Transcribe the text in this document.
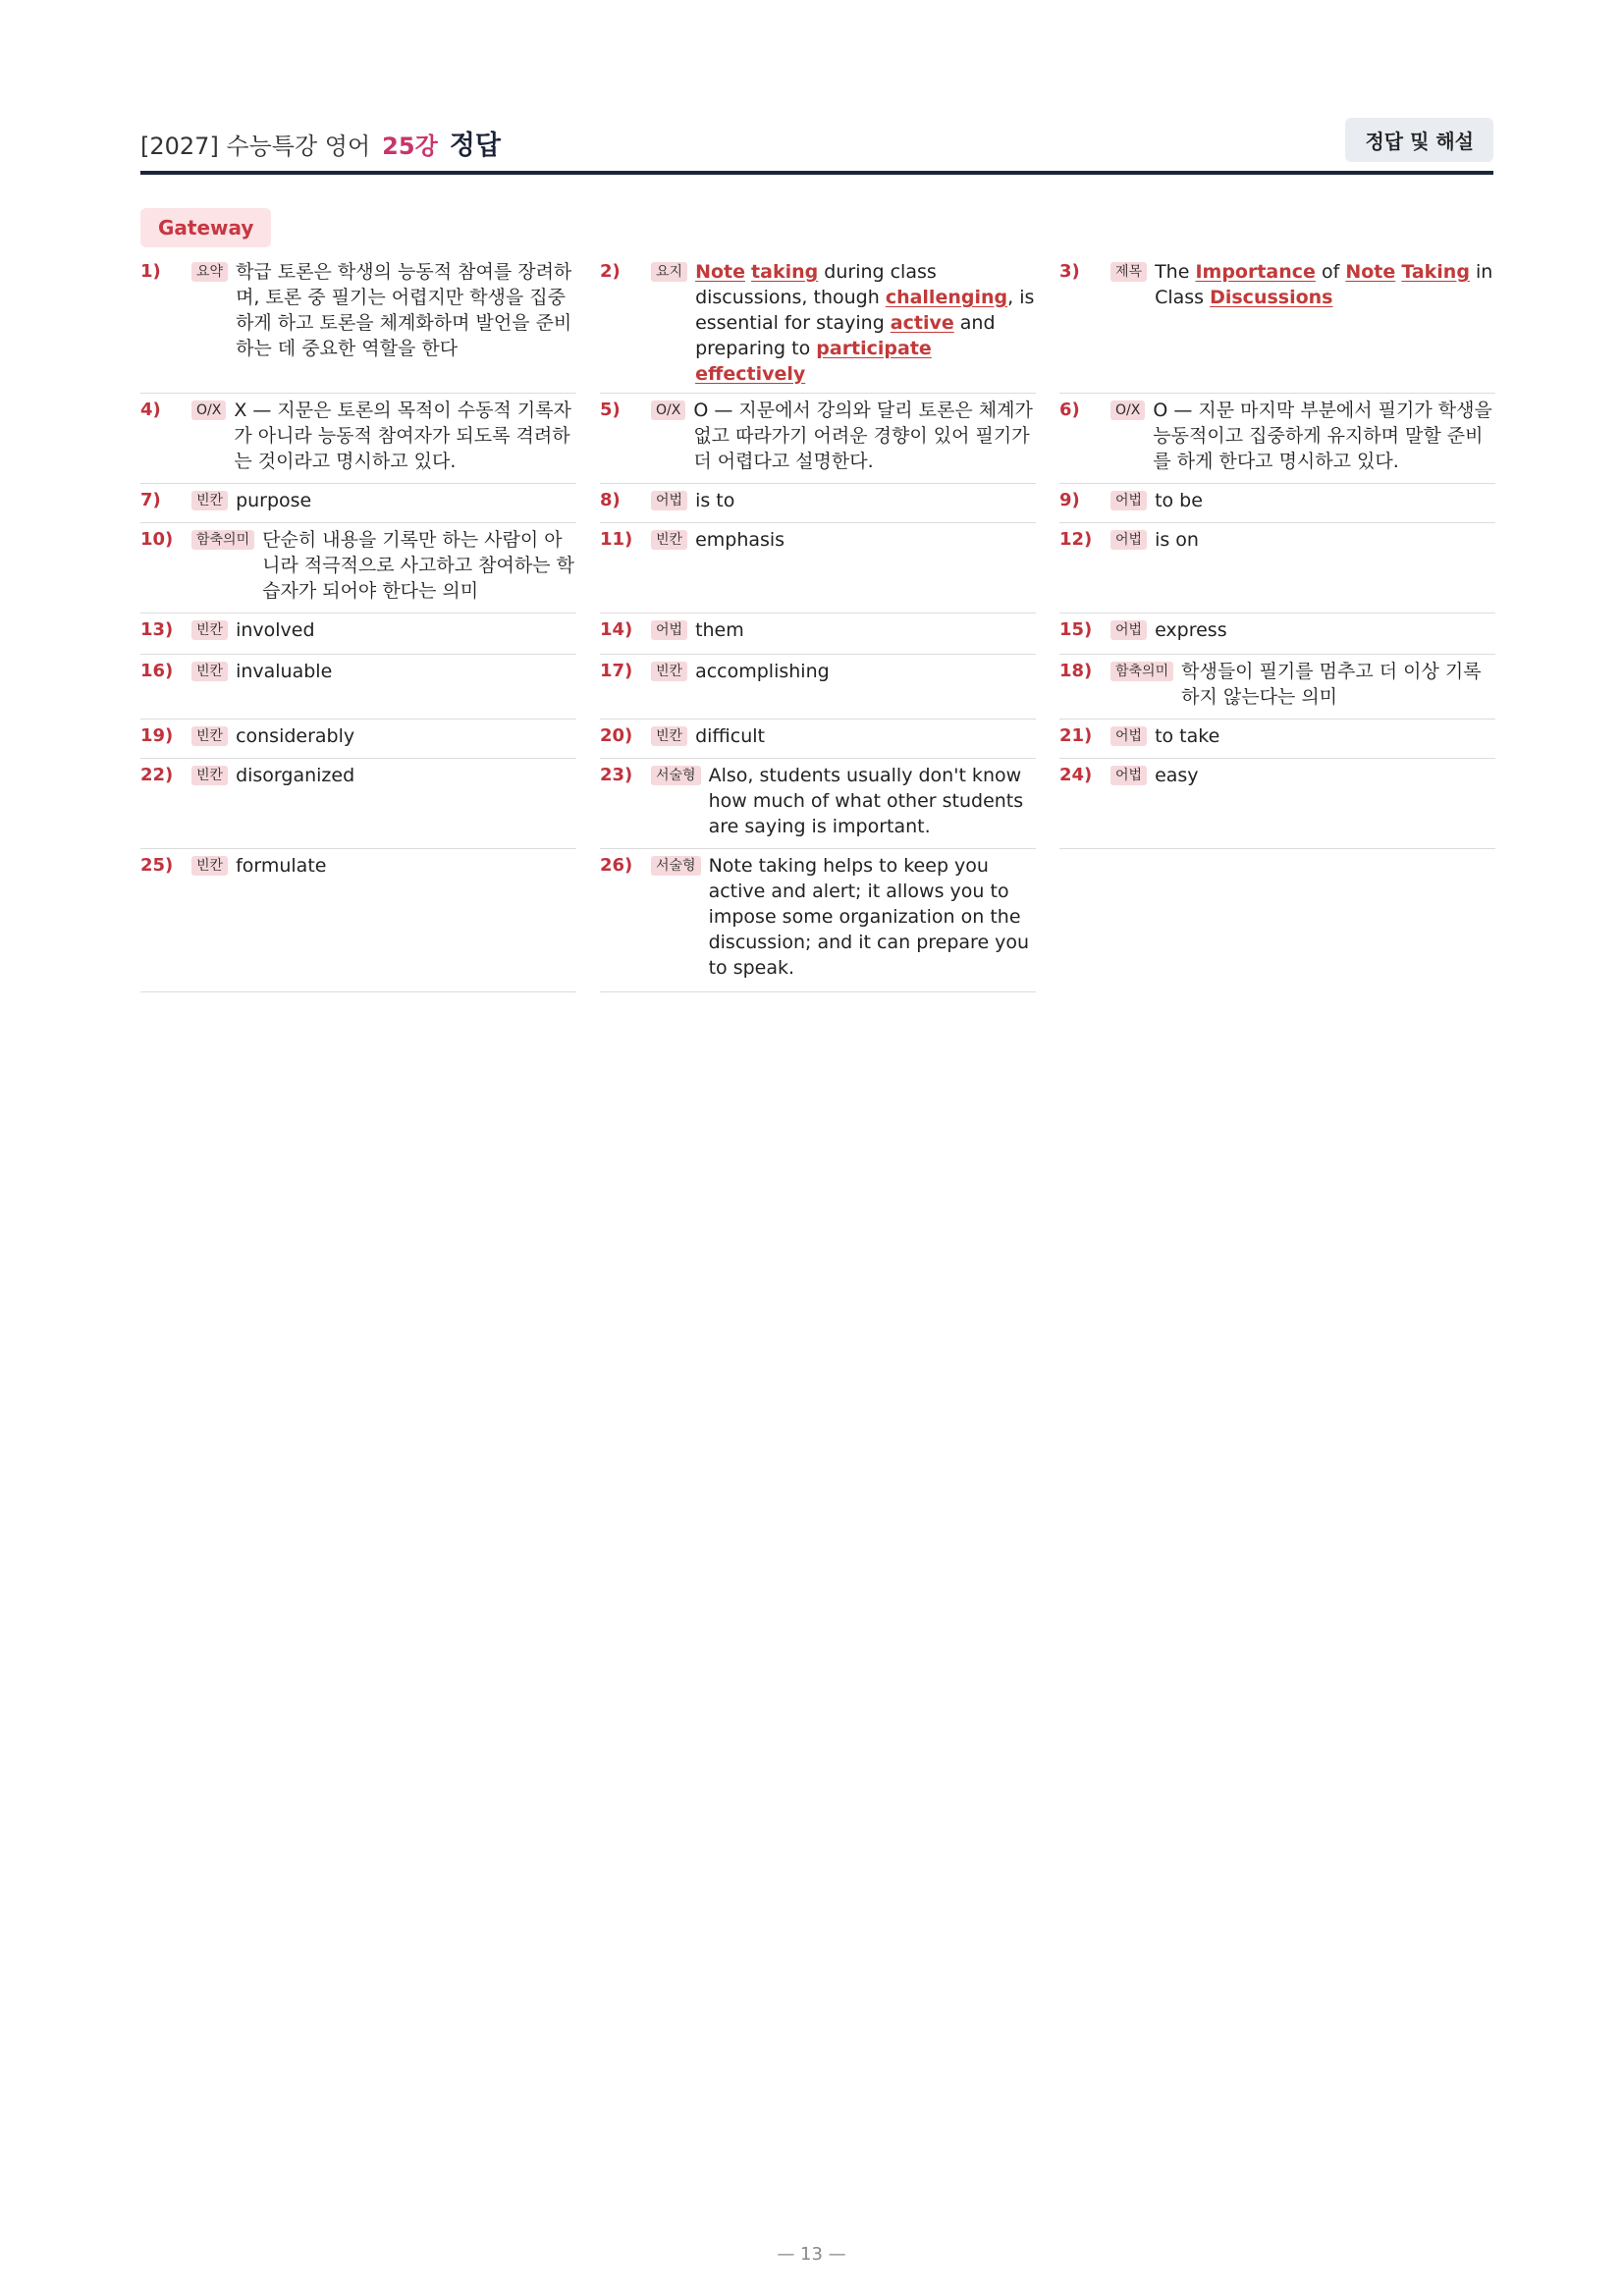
[2027] 수능특강 영어 25강 정답	정답 및 해설
Gateway
1)	요약 학급 토론은 학생의 능동적 참여를 장려하며, 토론 중 필기는 어렵지만 학생을 집중하게 하고 토론을 체계화하며 발언을 준비하는 데 중요한 역할을 한다
2)	요지 Note taking during class discussions, though challenging, is essential for staying active and preparing to participate effectively
3)	제목 The Importance of Note Taking in Class Discussions
4)	O/X X — 지문은 토론의 목적이 수동적 기록자가 아니라 능동적 참여자가 되도록 격려하는 것이라고 명시하고 있다.
5)	O/X O — 지문에서 강의와 달리 토론은 체계가 없고 따라가기 어려운 경향이 있어 필기가 더 어렵다고 설명한다.
6)	O/X O — 지문 마지막 부분에서 필기가 학생을 능동적이고 집중하게 유지하며 말할 준비를 하게 한다고 명시하고 있다.
7)	빈칸 purpose	8)	어법 is to	9)	어법 to be
10)	함축의미 단순히 내용을 기록만 하는 사람이 아니라 적극적으로 사고하고 참여하는 학습자가 되어야 한다는 의미
11)	빈칸 emphasis	12)	어법 is on
13)	빈칸 involved	14)	어법 them	15)	어법 express
16)	빈칸 invaluable	17)	빈칸 accomplishing	18)	함축의미 학생들이 필기를 멈추고 더 이상 기록하지 않는다는 의미
19)	빈칸 considerably	20)	빈칸 difficult	21)	어법 to take
22)	빈칸 disorganized	23)	서술형 Also, students usually don't know how much of what other students are saying is important.
24)	어법 easy
25)	빈칸 formulate	26)	서술형 Note taking helps to keep you active and alert; it allows you to impose some organization on the discussion; and it can prepare you to speak.
— 13 —
